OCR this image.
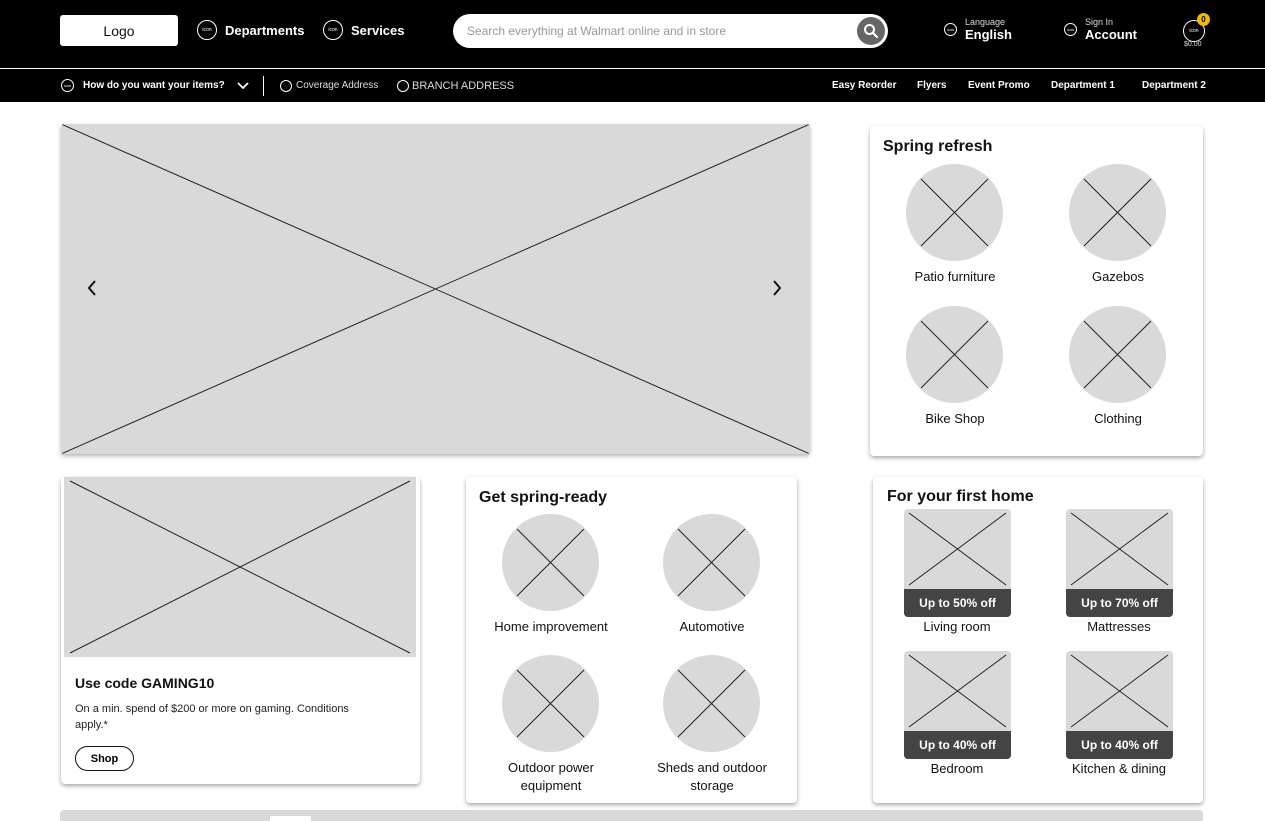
Logo	icon	Departments	icon	Services
Search everything at Walmart online and in store	icon
Language
English	icon
Sign In
Account	icon
0
$0.00
icon How do you want your items?	Coverage Address	BRANCH ADDRESS	Easy Reorder Flyers Event Promo Department 1	Department 2
Spring refresh
Patio furniture	Gazebos
Bike Shop	Clothing
Use code GAMING10
On a min. spend of $200 or more on gaming. Conditions apply.*
Shop
Get spring-ready
Home improvement	Automotive
Outdoor power equipment
Sheds and outdoor storage
For your first home
Up to 50% off
Living room
Up to 70% off
Mattresses
Up to 40% off
Bedroom
Up to 40% off
Kitchen & dining
